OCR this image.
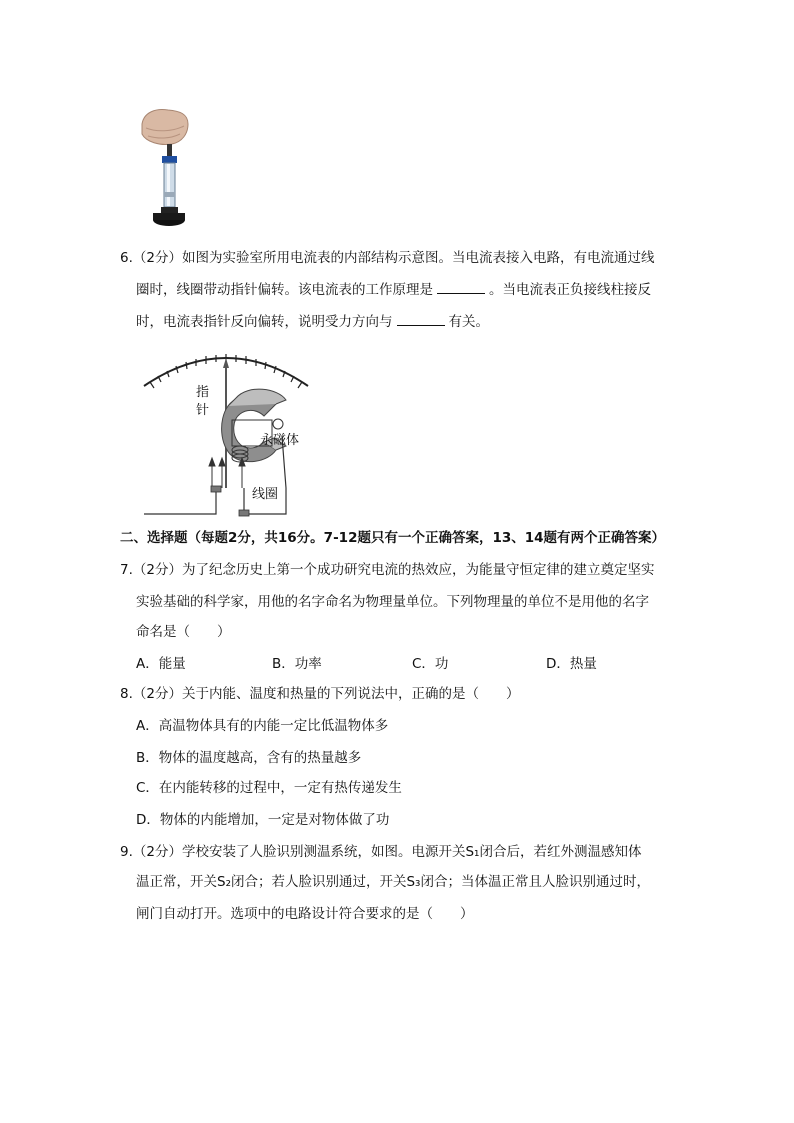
6.（2分）如图为实验室所用电流表的内部结构示意图。当电流表接入电路，有电流通过线
圈时，线圈带动指针偏转。该电流表的工作原理是	。当电流表正负接线柱接反
时，电流表指针反向偏转，说明受力方向与	有关。
指
针
永磁体
线圈
二、选择题（每题2分，共16分。7-12题只有一个正确答案，13、14题有两个正确答案）
7.（2分）为了纪念历史上第一个成功研究电流的热效应，为能量守恒定律的建立奠定坚实
实验基础的科学家，用他的名字命名为物理量单位。下列物理量的单位不是用他的名字
命名是（　　）
A．能量	B．功率	C．功	D．热量
8.（2分）关于内能、温度和热量的下列说法中，正确的是（　　）
A．高温物体具有的内能一定比低温物体多
B．物体的温度越高，含有的热量越多
C．在内能转移的过程中，一定有热传递发生
D．物体的内能增加，一定是对物体做了功
9.（2分）学校安装了人脸识别测温系统，如图。电源开关S₁闭合后，若红外测温感知体
温正常，开关S₂闭合；若人脸识别通过，开关S₃闭合；当体温正常且人脸识别通过时，
闸门自动打开。选项中的电路设计符合要求的是（　　）
